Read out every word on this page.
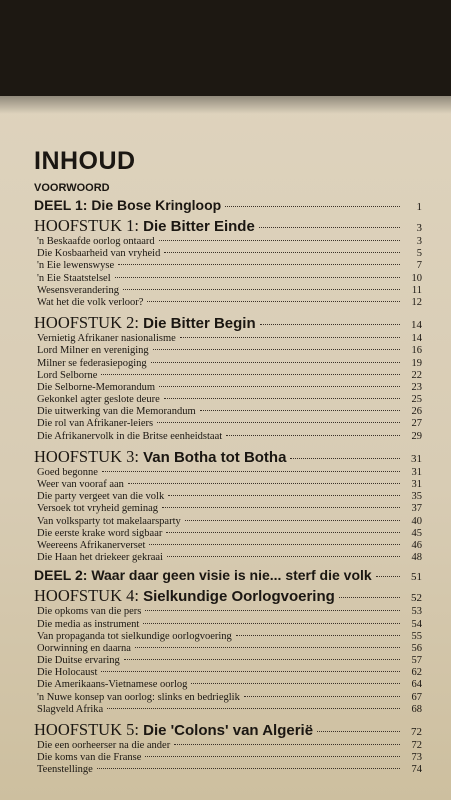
INHOUD
VOORWOORD
DEEL 1: Die Bose Kringloop	1
HOOFSTUK 1: Die Bitter Einde	3
'n Beskaafde oorlog ontaard	3
Die Kosbaarheid van vryheid	5
'n Eie lewenswyse	7
'n Eie Staatstelsel	10
Wesensverandering	11
Wat het die volk verloor?	12
HOOFSTUK 2: Die Bitter Begin	14
Vernietig Afrikaner nasionalisme	14
Lord Milner en vereniging	16
Milner se federasiepoging	19
Lord Selborne	22
Die Selborne-Memorandum	23
Gekonkel agter geslote deure	25
Die uitwerking van die Memorandum	26
Die rol van Afrikaner-leiers	27
Die Afrikanervolk in die Britse eenheidstaat	29
HOOFSTUK 3: Van Botha tot Botha	31
Goed begonne	31
Weer van vooraf aan	31
Die party vergeet van die volk	35
Versoek tot vryheid geminag	37
Van volksparty tot makelaarsparty	40
Die eerste krake word sigbaar	45
Weereens Afrikanerverset	46
Die Haan het driekeer gekraai	48
DEEL 2: Waar daar geen visie is nie... sterf die volk	51
HOOFSTUK 4: Sielkundige Oorlogvoering	52
Die opkoms van die pers	53
Die media as instrument	54
Van propaganda tot sielkundige oorlogvoering	55
Oorwinning en daarna	56
Die Duitse ervaring	57
Die Holocaust	62
Die Amerikaans-Vietnamese oorlog	64
'n Nuwe konsep van oorlog: slinks en bedrieglik	67
Slagveld Afrika	68
HOOFSTUK 5: Die 'Colons' van Algerië	72
Die een oorheerser na die ander	72
Die koms van die Franse	73
Teenstellinge	74
